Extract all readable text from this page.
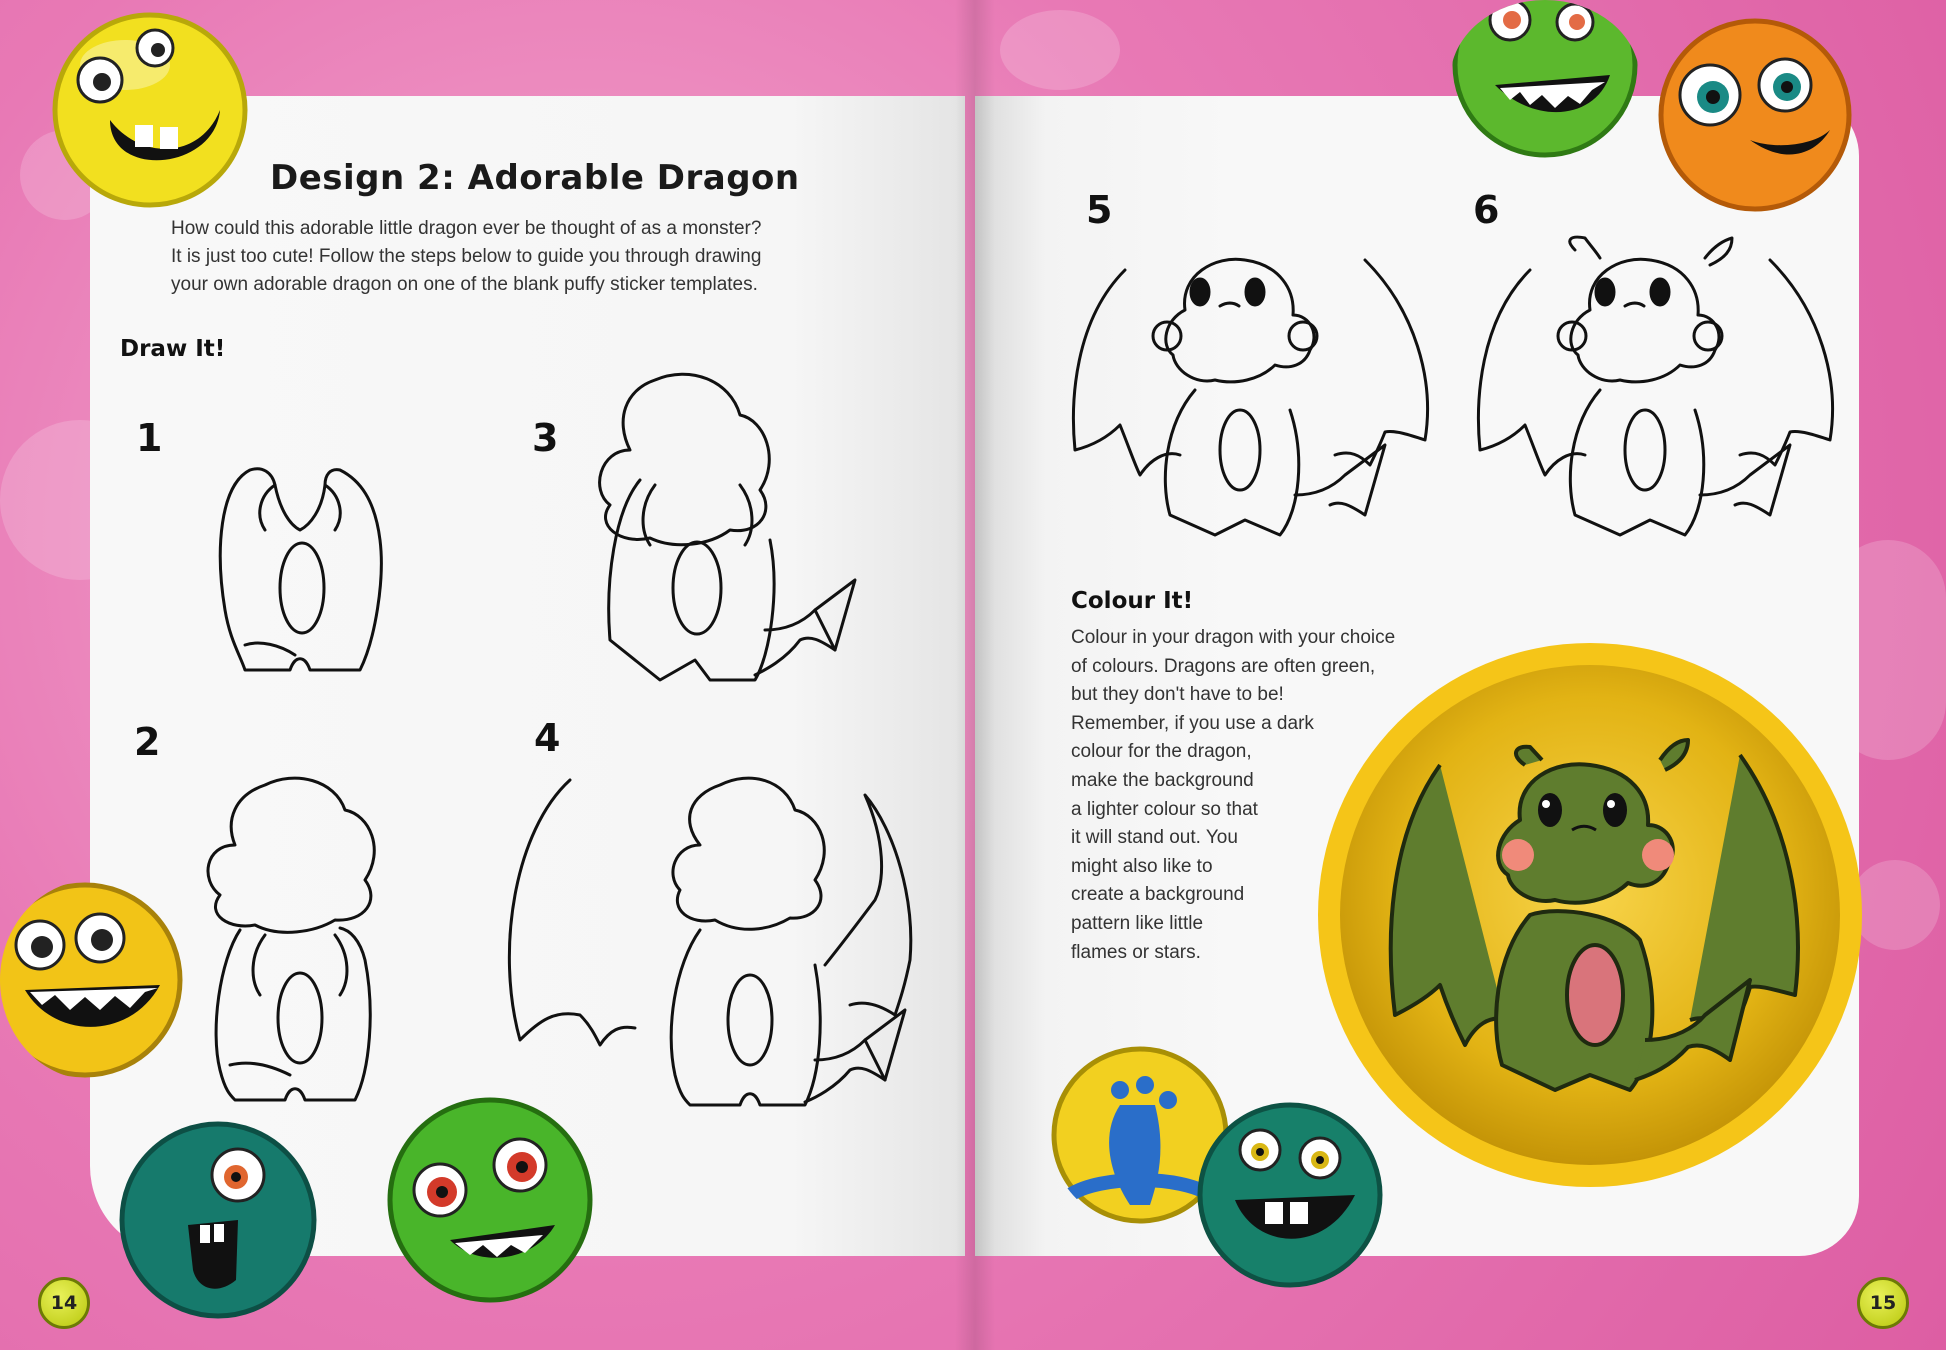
Design 2: Adorable Dragon
How could this adorable little dragon ever be thought of as a monster?
It is just too cute! Follow the steps below to guide you through drawing
your own adorable dragon on one of the blank puffy sticker templates.
Draw It!
1	3
2	4
5	6
Colour It!
Colour in your dragon with your choice
of colours. Dragons are often green,
but they don't have to be!
Remember, if you use a dark
colour for the dragon,
make the background
a lighter colour so that
it will stand out. You
might also like to
create a background
pattern like little
flames or stars.
14	15
